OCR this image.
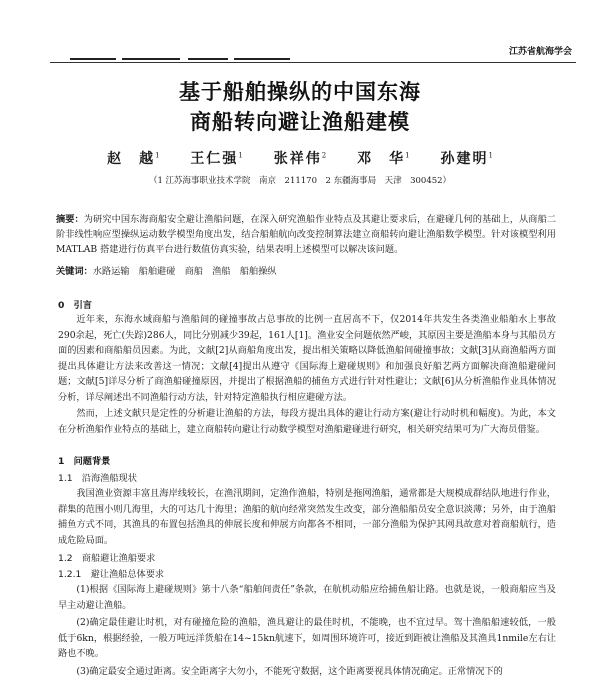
江苏省航海学会
基于船舶操纵的中国东海
商船转向避让渔船建模
赵　越$^1$ 王仁强$^1$ 张祥伟$^2$ 邓　华$^1$ 孙建明$^1$
（1 江苏海事职业技术学院　南京　211170　2 东疆海事局　天津　300452）
摘要：为研究中国东海商船安全避让渔船问题，在深入研究渔船作业特点及其避让要求后，在避碰几何的基础上，从商船二阶非线性响应型操纵运动数学模型角度出发，结合船舶航向改变控制算法建立商船转向避让渔船数学模型。针对该模型利用 MATLAB 搭建进行仿真平台进行数值仿真实验，结果表明上述模型可以解决该问题。
关键词：水路运输　船舶避碰　商船　渔船　船舶操纵
0　引言
近年来，东海水域商船与渔船间的碰撞事故占总事故的比例一直居高不下，仅2014年共发生各类渔业船舶水上事故290余起，死亡(失踪)286人，同比分别减少39起，161人[1]。渔业安全问题依然严峻，其原因主要是渔船本身与其船员方面的因素和商船船员因素。为此，文献[2]从商船角度出发，提出相关策略以降低渔船间碰撞事故；文献[3]从商渔船两方面提出具体避让方法来改善这一情况；文献[4]提出从遵守《国际海上避碰规则》和加强良好船艺两方面解决商渔船避碰问题；文献[5]详尽分析了商渔船碰撞原因，并提出了根据渔船的捕鱼方式进行针对性避让；文献[6]从分析渔船作业具体情况分析，详尽阐述出不同渔船行动方法，针对特定渔船执行相应避碰方法。
然而，上述文献只是定性的分析避让渔船的方法，每段方提出具体的避让行动方案(避让行动时机和幅度)。为此，本文在分析渔船作业特点的基础上，建立商船转向避让行动数学模型对渔船避碰进行研究，相关研究结果可为广大海员借鉴。
1　问题背景
1.1　沿海渔船现状
我国渔业资源丰富且海岸线较长，在渔汛期间，定渔作渔船，特别是拖网渔船，通常都是大规模成群结队地进行作业，群集的范围小则几海里，大的可达几十海里；渔船的航向经常突然发生改变，部分渔船船员安全意识淡薄；另外，由于渔船捕鱼方式不同，其渔具的布置包括渔具的伸展长度和伸展方向都各不相同，一部分渔船为保护其网具故意对着商船航行，造成危险局面。
1.2　商船避让渔船要求
1.2.1　避让渔船总体要求
(1)根据《国际海上避碰规则》第十八条“船舶间责任”条款，在航机动船应给捕鱼船让路。也就是说，一般商船应当及早主动避让渔船。
(2)确定最佳避让时机，对有碰撞危险的渔船，渔具避让的最佳时机，不能晚，也不宜过早。驾十渔船船速较低，一般低于6kn，根据经验，一般万吨远洋货船在14~15kn航速下，如周围环境许可，接近到距被让渔船及其渔具1nmile左右让路也不晚。
(3)确定最安全通过距离。安全距离字大勿小，不能死守数据，这个距离要视具体情况确定。正常情况下的
